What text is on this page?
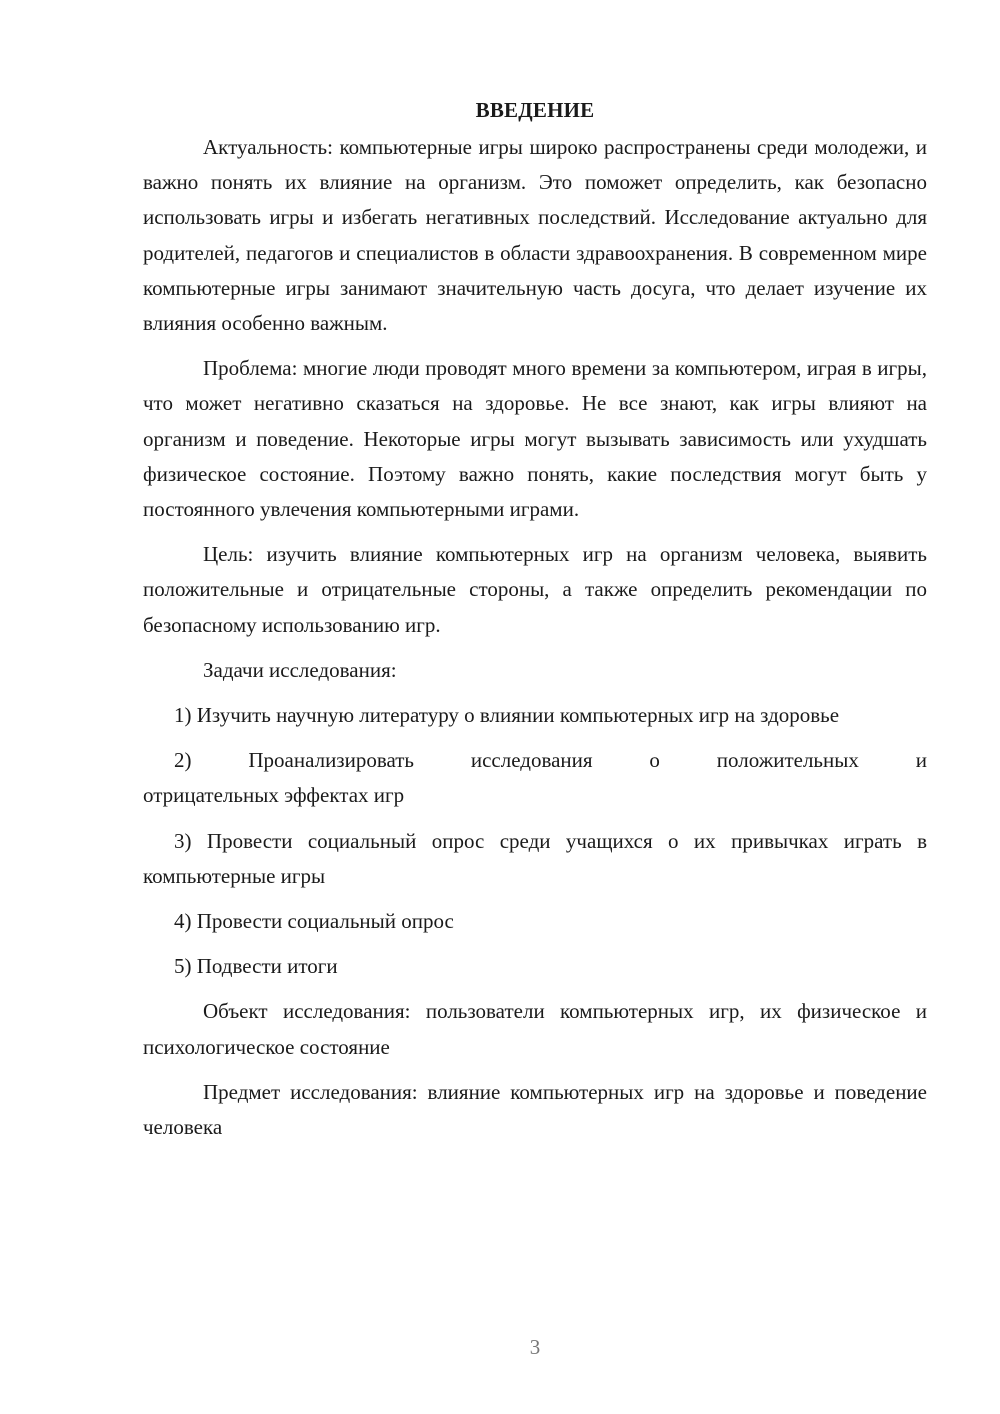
ВВЕДЕНИЕ

Актуальность: компьютерные игры широко распространены среди молодежи, и важно понять их влияние на организм. Это поможет определить, как безопасно использовать игры и избегать негативных последствий. Исследование актуально для родителей, педагогов и специалистов в области здравоохранения. В современном мире компьютерные игры занимают значительную часть досуга, что делает изучение их влияния особенно важным.

Проблема: многие люди проводят много времени за компьютером, играя в игры, что может негативно сказаться на здоровье. Не все знают, как игры влияют на организм и поведение. Некоторые игры могут вызывать зависимость или ухудшать физическое состояние. Поэтому важно понять, какие последствия могут быть у постоянного увлечения компьютерными играми.

Цель: изучить влияние компьютерных игр на организм человека, выявить положительные и отрицательные стороны, а также определить рекомендации по безопасному использованию игр.

Задачи исследования:

1) Изучить научную литературу о влиянии компьютерных игр на здоровье

2)	Проанализировать	исследования	о	положительных	и
отрицательных эффектах игр

3) Провести социальный опрос среди учащихся о их привычках играть в компьютерные игры

4) Провести социальный опрос

5) Подвести итоги

Объект исследования: пользователи компьютерных игр, их физическое и психологическое состояние

Предмет исследования: влияние компьютерных игр на здоровье и поведение человека

3
